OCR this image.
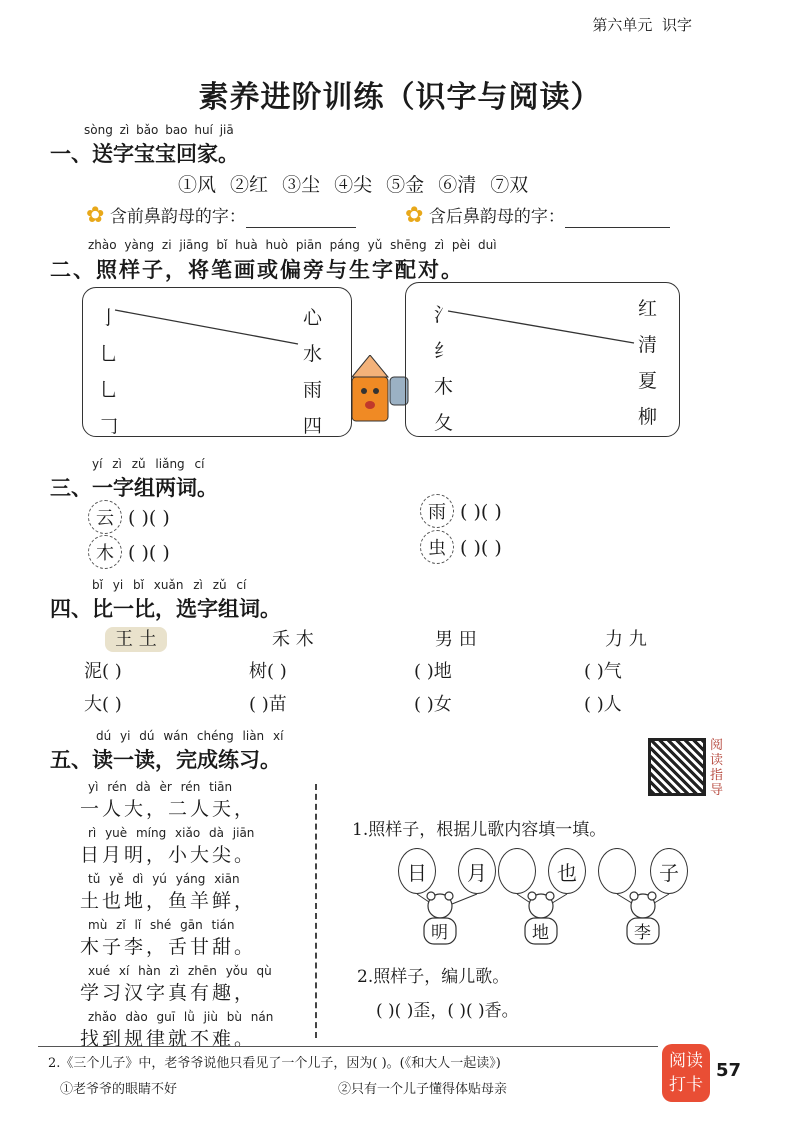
第六单元 识字
素养进阶训练（识字与阅读）
sòng zì bǎo bao huí jiā
一、送字宝宝回家。
①风 ②红 ③尘 ④尖 ⑤金 ⑥清 ⑦双
✿ 含前鼻韵母的字：	✿ 含后鼻韵母的字：
zhào yàng zi jiāng bǐ huà huò piān páng yǔ shēng zì pèi duì
二、照样子，将笔画或偏旁与生字配对。
亅
乚
乚
𠃌
心
水
雨
四
氵
纟
木
夂
红
清
夏
柳
yí zì zǔ liǎng cí
三、一字组两词。
云 ( )( )
木 ( )( )
雨 ( )( )
虫 ( )( )
bǐ yi bǐ xuǎn zì zǔ cí
四、比一比，选字组词。
王 土	禾 木	男 田	力 九
泥( )	树( )	( )地	( )气
大( )	( )苗	( )女	( )人
dú yi dú wán chéng liàn xí
五、读一读，完成练习。
阅读指导
yì rén dà èr rén tiān
一人大，二人天，
rì yuè míng xiǎo dà jiān
日月明，小大尖。
tǔ yě dì yú yáng xiān
土也地，鱼羊鲜，
mù zǐ lǐ shé gān tián
木子李，舌甘甜。
xué xí hàn zì zhēn yǒu qù
学习汉字真有趣，
zhǎo dào guī lǜ jiù bù nán
找到规律就不难。
1.照样子，根据儿歌内容填一填。
日	月	也	子
明	地	李
2.照样子，编儿歌。
( )( )歪，( )( )香。
2.《三个儿子》中，老爷爷说他只看见了一个儿子，因为( )。(《和大人一起读》)
①老爷爷的眼睛不好	②只有一个儿子懂得体贴母亲
阅读打卡
57
